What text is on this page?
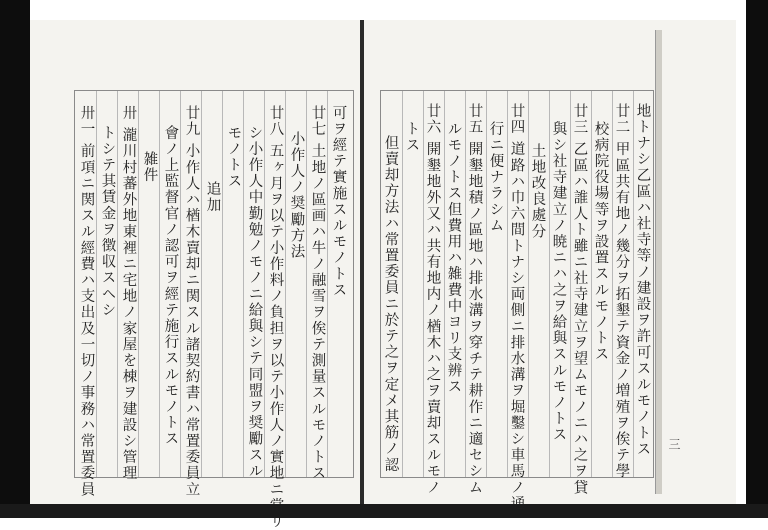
可ヲ經テ實施スルモノトス
廿七 土地ノ區画ハ牛ノ融雪ヲ俟テ測量スルモノトス
小作人ノ奨勵方法
廿八 五ヶ月ヲ以テ小作料ノ負担ヲ以テ小作人ノ實地ニ當リ
シ小作人中勤勉ノモノニ給與シテ同盟ヲ奨勵スル
モノトス
追加
廿九 小作人ハ楢木賣却ニ関スル諸契約書ハ常置委員立
會ノ上監督官ノ認可ヲ經テ施行スルモノトス
雑件
卅 瀧川村蕃外地東裡ニ宅地ノ家屋を棟ヲ建設シ管理
トシテ其賃金ヲ徴収スヘシ
卅一 前項ニ関スル經費ハ支出及一切ノ事務ハ常置委員	地トナシ乙區ハ社寺等ノ建設ヲ許可スルモノトス
廿二 甲區共有地ノ幾分ヲ拓墾テ資金ノ増殖ヲ俟テ學
校病院役場等ヲ設置スルモノトス
廿三 乙區ハ誰人ト雖ニ社寺建立ヲ望ムモノニハ之ヲ貸
與シ社寺建立ノ暁ニハ之ヲ給與スルモノトス
土地改良處分
廿四 道路ハ巾六間トナシ両側ニ排水溝ヲ堀鑿シ車馬ノ通
行ニ便ナラシム
廿五 開墾地積ノ區地ハ排水溝ヲ穿チテ耕作ニ適セシム
ルモノトス但費用ハ雑費中ヨリ支辨ス
廿六 開墾地外又ハ共有地内ノ楢木ハ之ヲ賣却スルモノ
トス
但賣却方法ハ常置委員ニ於テ之ヲ定メ其筋ノ認	三
